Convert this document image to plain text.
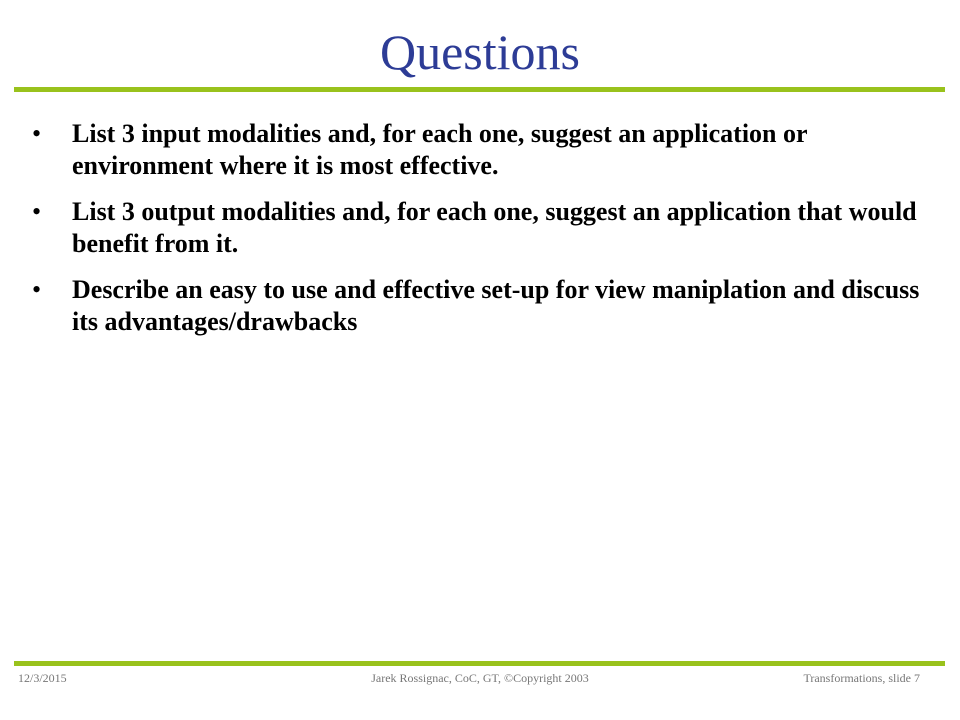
Questions
• List 3 input modalities and, for each one, suggest an application or environment where it is most effective.
• List 3 output modalities and, for each one, suggest an application that would benefit from it.
• Describe an easy to use and effective set-up for view maniplation and discuss its advantages/drawbacks
12/3/2015	Jarek Rossignac, CoC, GT, ©Copyright 2003	Transformations, slide 7
